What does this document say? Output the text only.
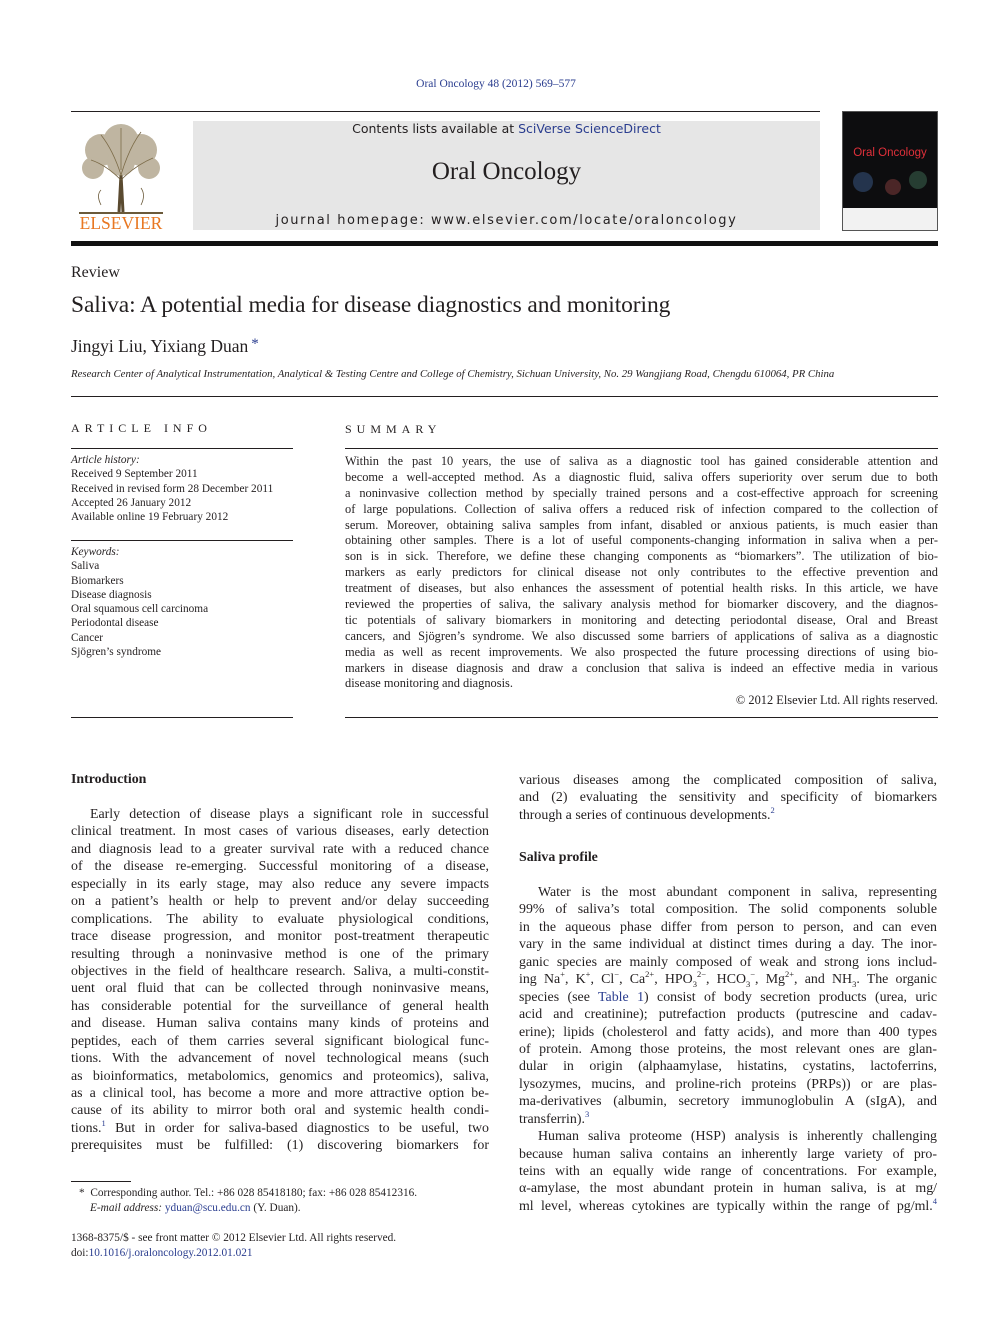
Oral Oncology 48 (2012) 569–577
ELSEVIER
Contents lists available at SciVerse ScienceDirect
Oral Oncology
journal homepage: www.elsevier.com/locate/oraloncology
Oral Oncology
Review
Saliva: A potential media for disease diagnostics and monitoring
Jingyi Liu, Yixiang Duan *
Research Center of Analytical Instrumentation, Analytical & Testing Centre and College of Chemistry, Sichuan University, No. 29 Wangjiang Road, Chengdu 610064, PR China
ARTICLE INFO
Article history:
Received 9 September 2011
Received in revised form 28 December 2011
Accepted 26 January 2012
Available online 19 February 2012
Keywords:
Saliva
Biomarkers
Disease diagnosis
Oral squamous cell carcinoma
Periodontal disease
Cancer
Sjögren’s syndrome
SUMMARY
Within the past 10 years, the use of saliva as a diagnostic tool has gained considerable attention and
become a well-accepted method. As a diagnostic fluid, saliva offers superiority over serum due to both
a noninvasive collection method by specially trained persons and a cost-effective approach for screening
of large populations. Collection of saliva offers a reduced risk of infection compared to the collection of
serum. Moreover, obtaining saliva samples from infant, disabled or anxious patients, is much easier than
obtaining other samples. There is a lot of useful components-changing information in saliva when a per-
son is in sick. Therefore, we define these changing components as “biomarkers”. The utilization of bio-
markers as early predictors for clinical disease not only contributes to the effective prevention and
treatment of diseases, but also enhances the assessment of potential health risks. In this article, we have
reviewed the properties of saliva, the salivary analysis method for biomarker discovery, and the diagnos-
tic potentials of salivary biomarkers in monitoring and detecting periodontal disease, Oral and Breast
cancers, and Sjögren’s syndrome. We also discussed some barriers of applications of saliva as a diagnostic
media as well as recent improvements. We also prospected the future processing directions of using bio-
markers in disease diagnosis and draw a conclusion that saliva is indeed an effective media in various
disease monitoring and diagnosis.
© 2012 Elsevier Ltd. All rights reserved.
Introduction
Early detection of disease plays a significant role in successful
clinical treatment. In most cases of various diseases, early detection
and diagnosis lead to a greater survival rate with a reduced chance
of the disease re-emerging. Successful monitoring of a disease,
especially in its early stage, may also reduce any severe impacts
on a patient’s health or help to prevent and/or delay succeeding
complications. The ability to evaluate physiological conditions,
trace disease progression, and monitor post-treatment therapeutic
resulting through a noninvasive method is one of the primary
objectives in the field of healthcare research. Saliva, a multi-constit-
uent oral fluid that can be collected through noninvasive means,
has considerable potential for the surveillance of general health
and disease. Human saliva contains many kinds of proteins and
peptides, each of them carries several significant biological func-
tions. With the advancement of novel technological means (such
as bioinformatics, metabolomics, genomics and proteomics), saliva,
as a clinical tool, has become a more and more attractive option be-
cause of its ability to mirror both oral and systemic health condi-
tions.$^1$ But in order for saliva-based diagnostics to be useful, two
prerequisites must be fulfilled: (1) discovering biomarkers for
various diseases among the complicated composition of saliva,
and (2) evaluating the sensitivity and specificity of biomarkers
through a series of continuous developments.$^2$
Saliva profile
Water is the most abundant component in saliva, representing
99% of saliva’s total composition. The solid components soluble
in the aqueous phase differ from person to person, and can even
vary in the same individual at distinct times during a day. The inor-
ganic species are mainly composed of weak and strong ions includ-
ing Na+, K+, Cl−, $Ca^{2+}$, $HPO_3^{2-}$, $HCO_3^-$, $Mg^{2+}$, and $NH_3$. The organic
species (see Table 1) consist of body secretion products (urea, uric
acid and creatinine); putrefaction products (putrescine and cadav-
erine); lipids (cholesterol and fatty acids), and more than 400 types
of protein. Among those proteins, the most relevant ones are glan-
dular in origin (alphaamylase, histatins, cystatins, lactoferrins,
lysozymes, mucins, and proline-rich proteins (PRPs)) or are plas-
ma-derivatives (albumin, secretory immunoglobulin A (sIgA), and
transferrin).$^3$
Human saliva proteome (HSP) analysis is inherently challenging
because human saliva contains an inherently large variety of pro-
teins with an equally wide range of concentrations. For example,
α-amylase, the most abundant protein in human saliva, is at mg/
ml level, whereas cytokines are typically within the range of pg/ml.$^4$
* Corresponding author. Tel.: +86 028 85418180; fax: +86 028 85412316.
E-mail address: yduan@scu.edu.cn (Y. Duan).
1368-8375/$ - see front matter © 2012 Elsevier Ltd. All rights reserved.
doi:10.1016/j.oraloncology.2012.01.021
